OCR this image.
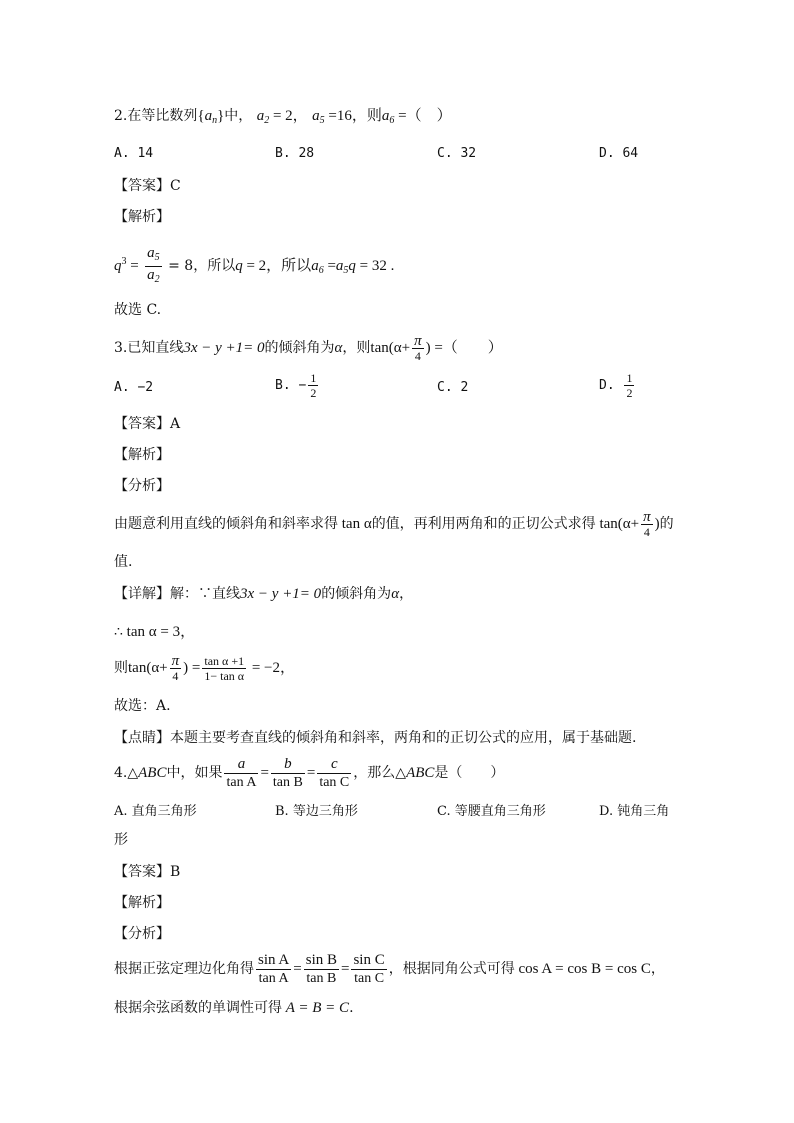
2.在等比数列$\{a_n\}$中， $a_2 = 2$， $a_5 =16$，则$a_6$ =（　）
A. 14	B. 28	C. 32	D. 64
【答案】C
【解析】
$q^3 = \frac{a_5}{a_2} = 8$，所以q = 2，所以$a_6 =a_5q = 32$ .
故选 C.
3.已知直线3x − y +1= 0的倾斜角为α，则$\tan(\alpha+ \frac{\pi}{4}$ ) =（　　）
A. −2	B. − $\frac{1}{2}$	C. 2	D. $\frac{1}{2}$
【答案】A
【解析】
【分析】
由题意利用直线的倾斜角和斜率求得 tan α的值，再利用两角和的正切公式求得 $\tan(\alpha+ \frac{\pi}{4}$ )的
值.
【详解】解：∵直线3x − y +1= 0的倾斜角为α，
∴ tan α = 3，
则$\tan(\alpha+ \frac{\pi}{4}$ ) = $\frac{\text{tan α +1}}{\text{1− tan α}} = -2$，
故选：A.
【点睛】本题主要考查直线的倾斜角和斜率，两角和的正切公式的应用，属于基础题.
4.△ABC中，如果 $\frac{a}{\text{tan A}} = \frac{b}{\text{tan B}} = \frac{c}{\text{tan C}}$ ，那么△ABC是（　　）
A. 直角三角形	B. 等边三角形	C. 等腰直角三角形	D. 钝角三角
形
【答案】B
【解析】
【分析】
根据正弦定理边化角得 $\frac{\text{sin A}}{\text{tan A}} = \frac{\text{sin B}}{\text{tan B}} = \frac{\text{sin C}}{\text{tan C}}$ ，根据同角公式可得 cos A = cos B = cos C，
根据余弦函数的单调性可得 A = B = C.
